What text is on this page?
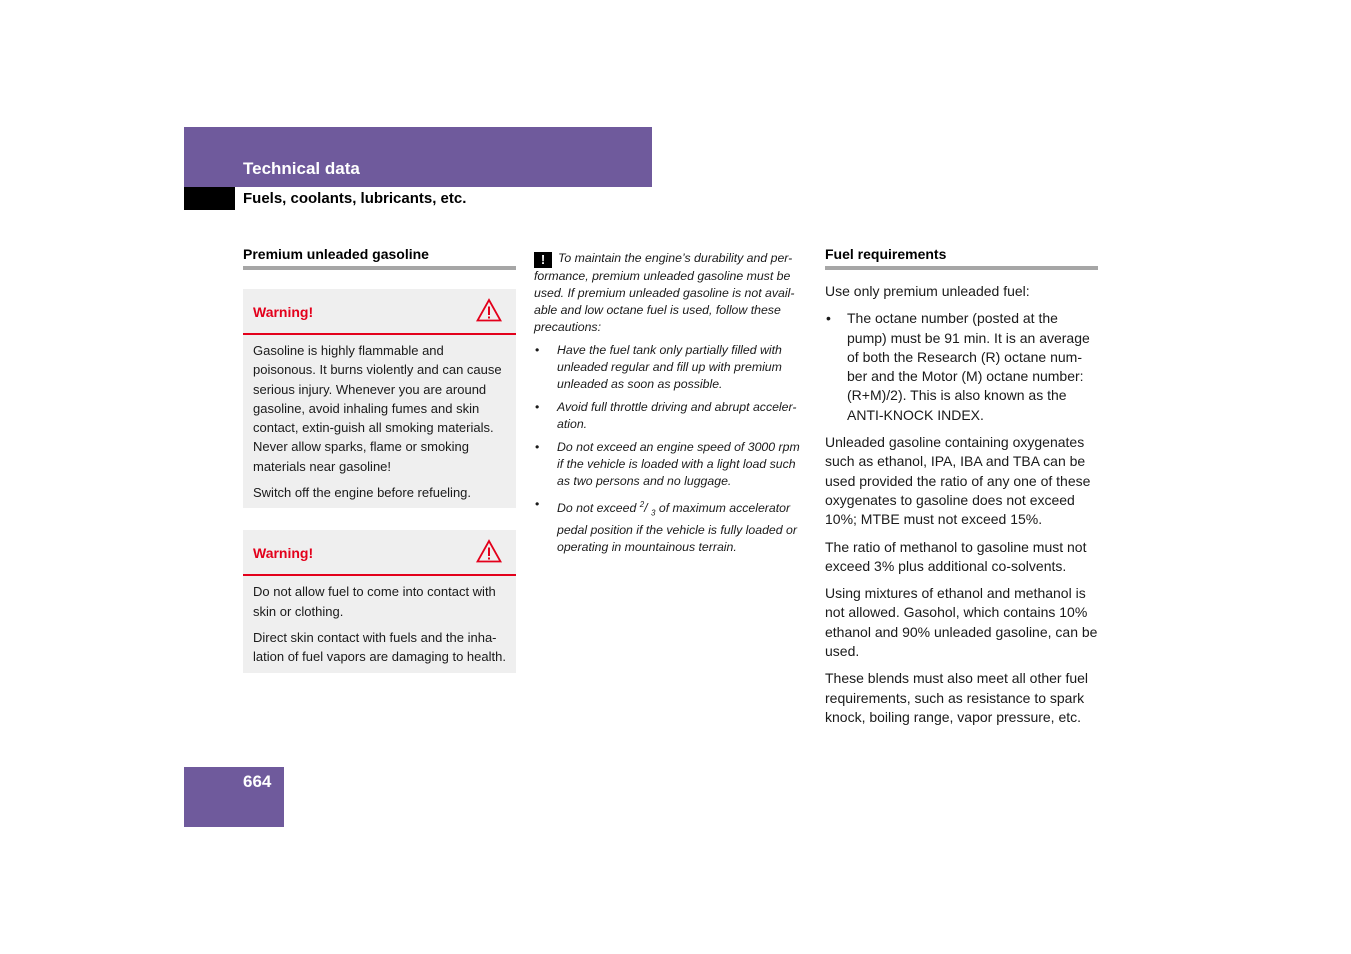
Technical data
Fuels, coolants, lubricants, etc.
Premium unleaded gasoline
Warning!

Gasoline is highly flammable and poisonous. It burns violently and can cause serious injury. Whenever you are around gasoline, avoid inhaling fumes and skin contact, extin-guish all smoking materials. Never allow sparks, flame or smoking materials near gasoline!

Switch off the engine before refueling.

Warning!

Do not allow fuel to come into contact with skin or clothing.

Direct skin contact with fuels and the inha-lation of fuel vapors are damaging to health.

! To maintain the engine’s durability and per-formance, premium unleaded gasoline must be used. If premium unleaded gasoline is not avail-able and low octane fuel is used, follow these precautions:

• Have the fuel tank only partially filled with unleaded regular and fill up with premium unleaded as soon as possible.
• Avoid full throttle driving and abrupt acceler-ation.
• Do not exceed an engine speed of 3000 rpm if the vehicle is loaded with a light load such as two persons and no luggage.
• Do not exceed $^2$/ $_3$ of maximum accelerator pedal position if the vehicle is fully loaded or operating in mountainous terrain.
Fuel requirements

Use only premium unleaded fuel:

• The octane number (posted at the pump) must be 91 min. It is an average of both the Research (R) octane num-ber and the Motor (M) octane number: (R+M)/2). This is also known as the ANTI-KNOCK INDEX.

Unleaded gasoline containing oxygenates such as ethanol, IPA, IBA and TBA can be used provided the ratio of any one of these oxygenates to gasoline does not exceed 10%; MTBE must not exceed 15%.

The ratio of methanol to gasoline must not exceed 3% plus additional co-solvents.

Using mixtures of ethanol and methanol is not allowed. Gasohol, which contains 10% ethanol and 90% unleaded gasoline, can be used.

These blends must also meet all other fuel requirements, such as resistance to spark knock, boiling range, vapor pressure, etc.

664
